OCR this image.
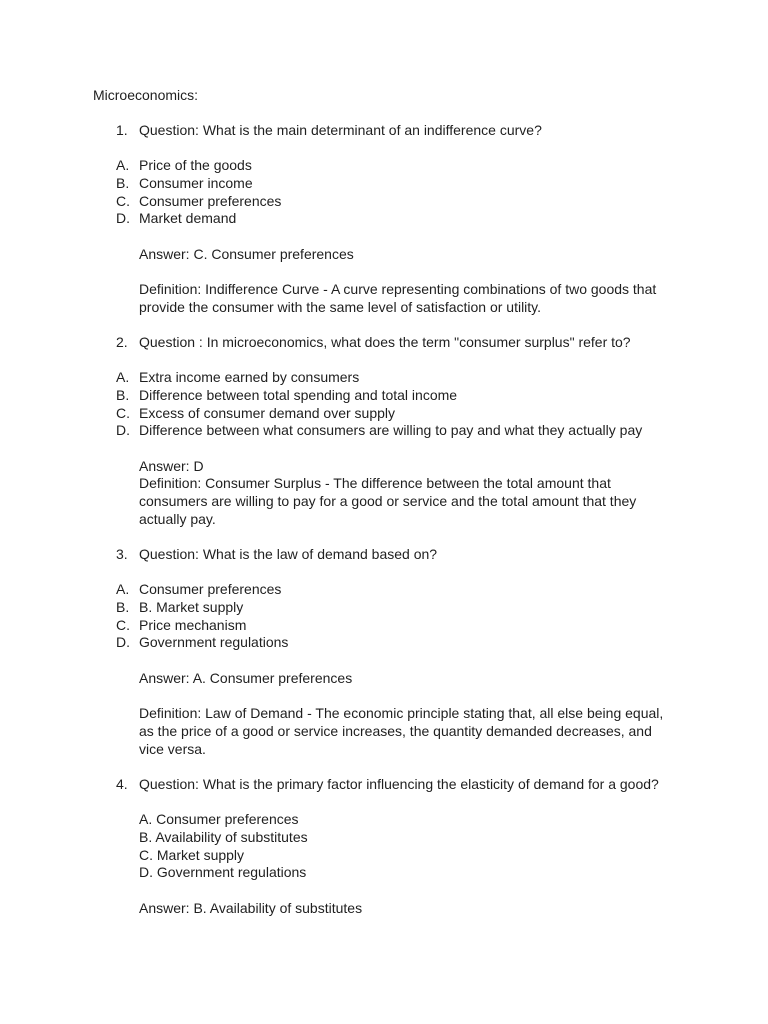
Microeconomics:
1. Question: What is the main determinant of an indifference curve?
A. Price of the goods
B. Consumer income
C. Consumer preferences
D. Market demand
Answer: C. Consumer preferences
Definition: Indifference Curve - A curve representing combinations of two goods that
provide the consumer with the same level of satisfaction or utility.
2. Question : In microeconomics, what does the term "consumer surplus" refer to?
A. Extra income earned by consumers
B. Difference between total spending and total income
C. Excess of consumer demand over supply
D. Difference between what consumers are willing to pay and what they actually pay
Answer: D
Definition: Consumer Surplus - The difference between the total amount that
consumers are willing to pay for a good or service and the total amount that they
actually pay.
3. Question: What is the law of demand based on?
A. Consumer preferences
B. B. Market supply
C. Price mechanism
D. Government regulations
Answer: A. Consumer preferences
Definition: Law of Demand - The economic principle stating that, all else being equal,
as the price of a good or service increases, the quantity demanded decreases, and
vice versa.
4. Question: What is the primary factor influencing the elasticity of demand for a good?
A. Consumer preferences
B. Availability of substitutes
C. Market supply
D. Government regulations
Answer: B. Availability of substitutes
